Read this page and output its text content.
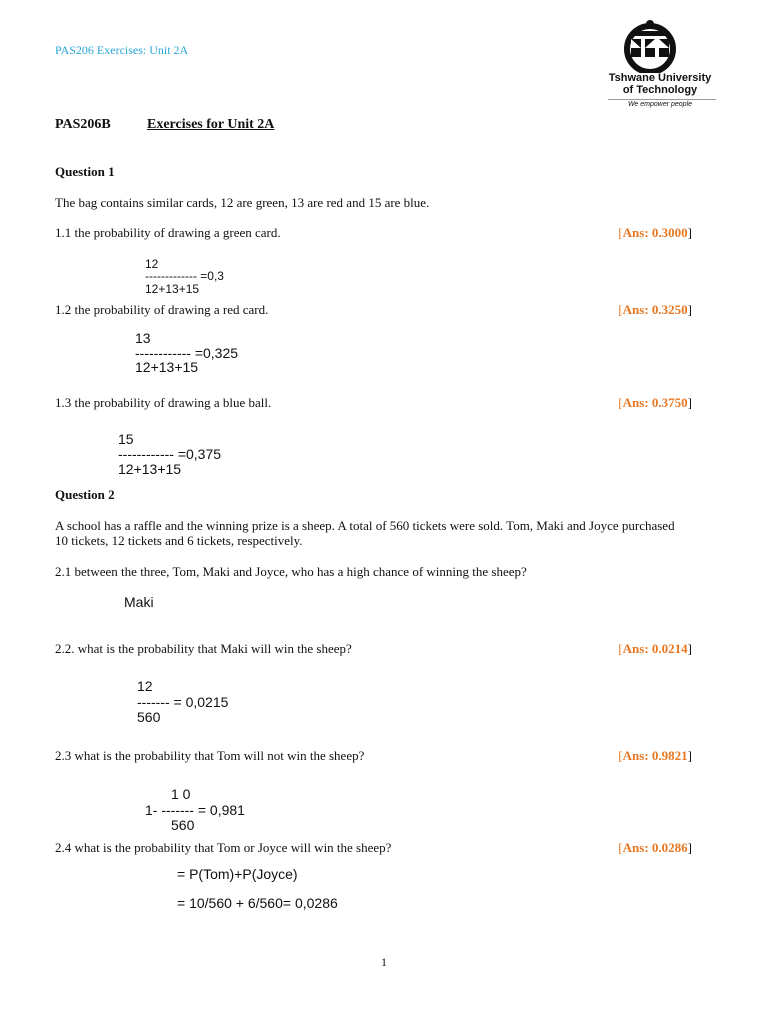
PAS206 Exercises: Unit 2A
Tshwane University
of Technology
We empower people
PAS206B	Exercises for Unit 2A
Question 1
The bag contains similar cards, 12 are green, 13 are red and 15 are blue.
1.1 the probability of drawing a green card.	[Ans: 0.3000]
12
------------- =0,3
12+13+15
1.2 the probability of drawing a red card.	[Ans: 0.3250]
13
------------ =0,325
12+13+15
1.3 the probability of drawing a blue ball.	[Ans: 0.3750]
15
------------ =0,375
12+13+15
Question 2
A school has a raffle and the winning prize is a sheep. A total of 560 tickets were sold. Tom, Maki and Joyce purchased 10 tickets, 12 tickets and 6 tickets, respectively.
2.1 between the three, Tom, Maki and Joyce, who has a high chance of winning the sheep?
Maki
2.2. what is the probability that Maki will win the sheep?	[Ans: 0.0214]
12
------- = 0,0215
560
2.3 what is the probability that Tom will not win the sheep?	[Ans: 0.9821]
1 0
1- ------- = 0,981
560
2.4 what is the probability that Tom or Joyce will win the sheep?	[Ans: 0.0286]
= P(Tom)+P(Joyce)
= 10/560 + 6/560= 0,0286
1
